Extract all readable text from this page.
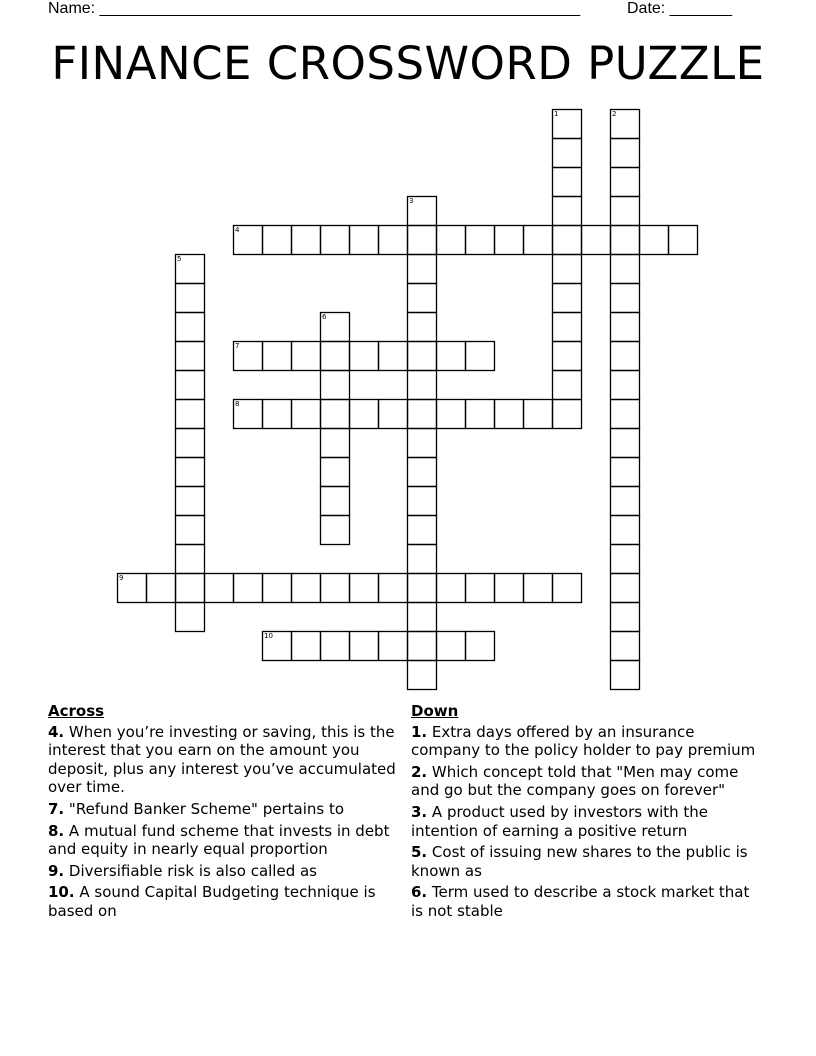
Name: ______________________________________________________	Date: _______
FINANCE CROSSWORD PUZZLE
1	2
3
4
5
6
7
8
9
10
Across
4. When you’re investing or saving, this is the interest that you earn on the amount you deposit, plus any interest you’ve accumulated over time.
7. "Refund Banker Scheme" pertains to
8. A mutual fund scheme that invests in debt and equity in nearly equal proportion
9. Diversifiable risk is also called as
10. A sound Capital Budgeting technique is based on
Down
1. Extra days offered by an insurance company to the policy holder to pay premium
2. Which concept told that "Men may come and go but the company goes on forever"
3. A product used by investors with the intention of earning a positive return
5. Cost of issuing new shares to the public is known as
6. Term used to describe a stock market that is not stable
